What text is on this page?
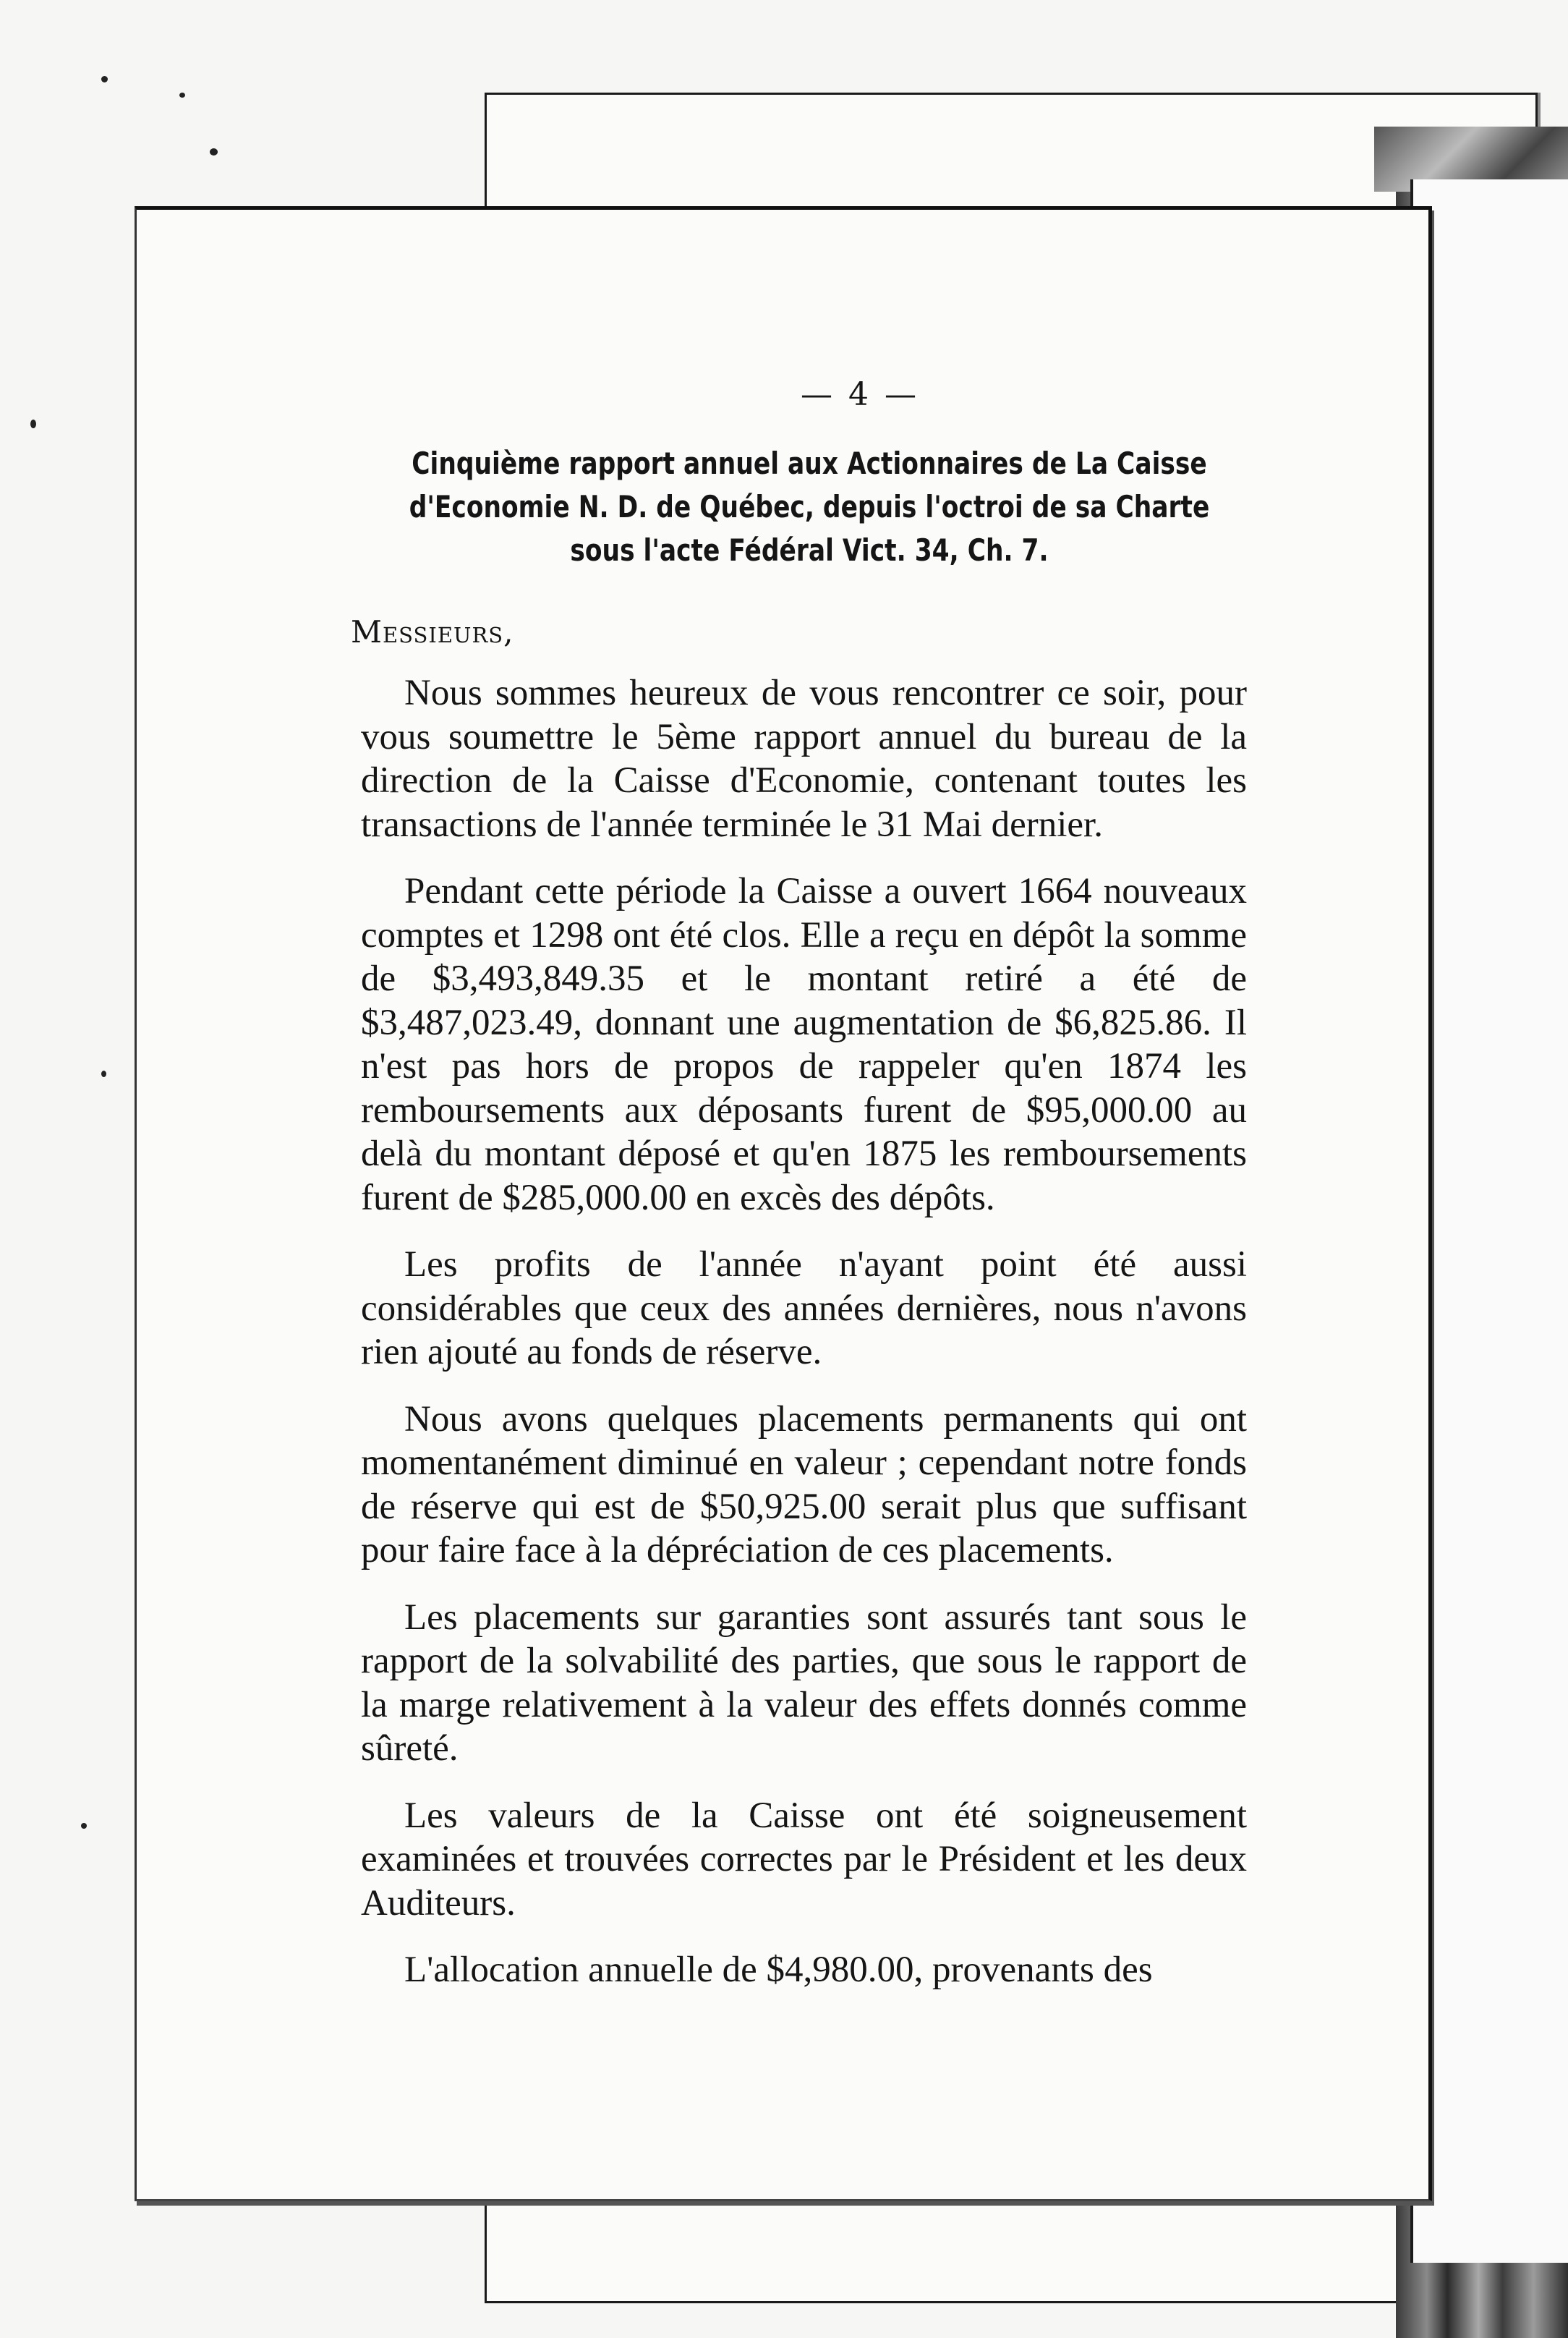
— 4 —
Cinquième rapport annuel aux Actionnaires de La Caisse d'Economie N. D. de Québec, depuis l'octroi de sa Charte sous l'acte Fédéral Vict. 34, Ch. 7.
Messieurs,

Nous sommes heureux de vous rencontrer ce soir, pour vous soumettre le 5ème rapport annuel du bureau de la direction de la Caisse d'Economie, contenant toutes les transactions de l'année terminée le 31 Mai dernier.

Pendant cette période la Caisse a ouvert 1664 nouveaux comptes et 1298 ont été clos. Elle a reçu en dépôt la somme de $3,493,849.35 et le montant retiré a été de $3,487,023.49, donnant une augmentation de $6,825.86. Il n'est pas hors de propos de rappeler qu'en 1874 les remboursements aux déposants furent de $95,000.00 au delà du montant déposé et qu'en 1875 les remboursements furent de $285,000.00 en excès des dépôts.

Les profits de l'année n'ayant point été aussi considérables que ceux des années dernières, nous n'avons rien ajouté au fonds de réserve.

Nous avons quelques placements permanents qui ont momentanément diminué en valeur ; cependant notre fonds de réserve qui est de $50,925.00 serait plus que suffisant pour faire face à la dépréciation de ces placements.

Les placements sur garanties sont assurés tant sous le rapport de la solvabilité des parties, que sous le rapport de la marge relativement à la valeur des effets donnés comme sûreté.

Les valeurs de la Caisse ont été soigneusement examinées et trouvées correctes par le Président et les deux Auditeurs.

L'allocation annuelle de $4,980.00, provenants des
